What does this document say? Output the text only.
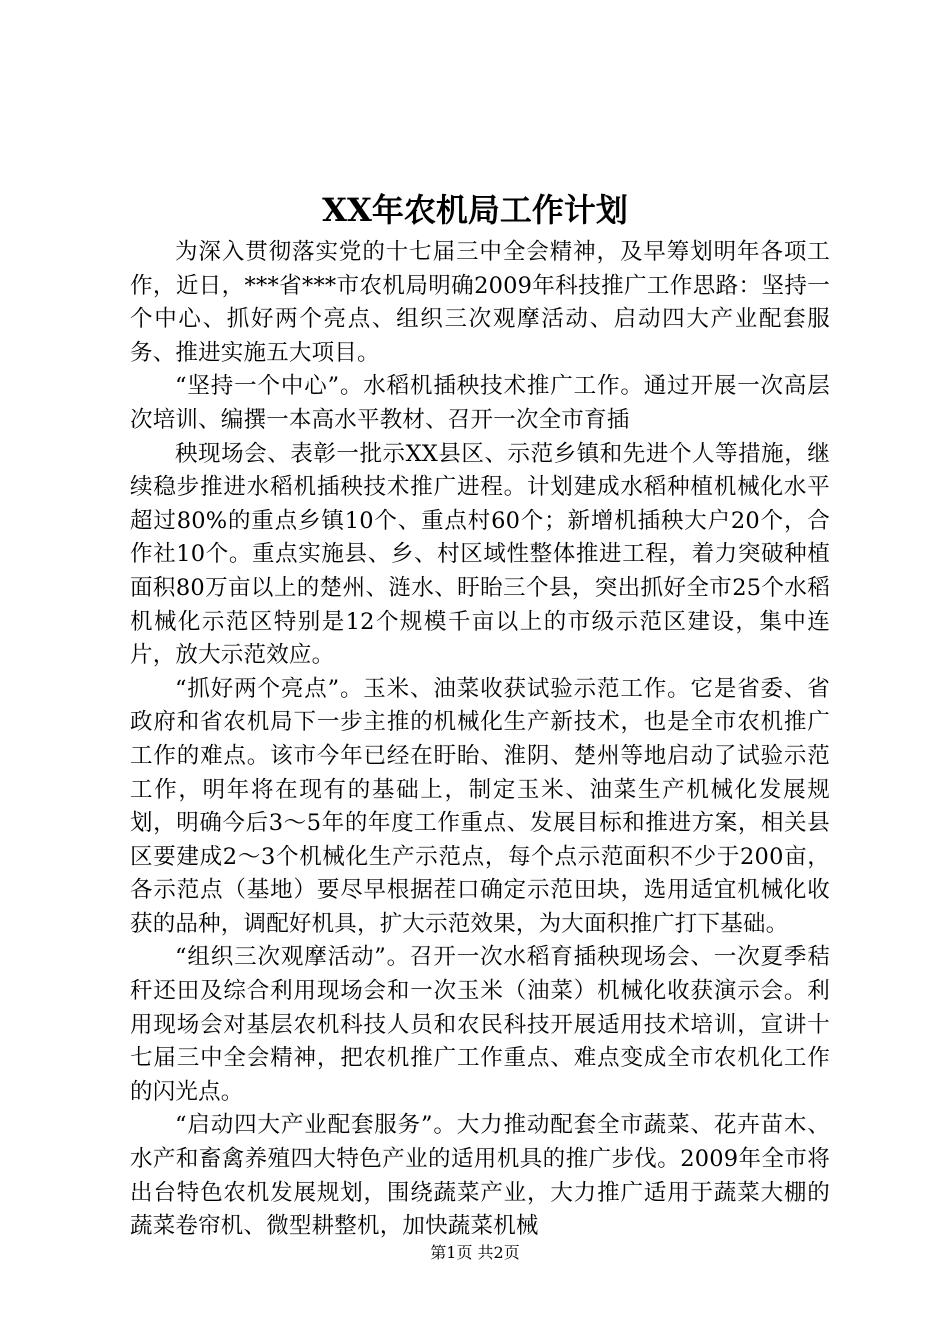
XX年农机局工作计划

为深入贯彻落实党的十七届三中全会精神，及早筹划明年各项工作，近日，***省***市农机局明确2009年科技推广工作思路：坚持一个中心、抓好两个亮点、组织三次观摩活动、启动四大产业配套服务、推进实施五大项目。

“坚持一个中心”。水稻机插秧技术推广工作。通过开展一次高层次培训、编撰一本高水平教材、召开一次全市育插

秧现场会、表彰一批示XX县区、示范乡镇和先进个人等措施，继续稳步推进水稻机插秧技术推广进程。计划建成水稻种植机械化水平超过80%的重点乡镇10个、重点村60个；新增机插秧大户20个，合作社10个。重点实施县、乡、村区域性整体推进工程，着力突破种植面积80万亩以上的楚州、涟水、盱眙三个县，突出抓好全市25个水稻机械化示范区特别是12个规模千亩以上的市级示范区建设，集中连片，放大示范效应。

“抓好两个亮点”。玉米、油菜收获试验示范工作。它是省委、省政府和省农机局下一步主推的机械化生产新技术，也是全市农机推广工作的难点。该市今年已经在盱眙、淮阴、楚州等地启动了试验示范工作，明年将在现有的基础上，制定玉米、油菜生产机械化发展规划，明确今后3～5年的年度工作重点、发展目标和推进方案，相关县区要建成2～3个机械化生产示范点，每个点示范面积不少于200亩，各示范点（基地）要尽早根据茬口确定示范田块，选用适宜机械化收获的品种，调配好机具，扩大示范效果，为大面积推广打下基础。

“组织三次观摩活动”。召开一次水稻育插秧现场会、一次夏季秸秆还田及综合利用现场会和一次玉米（油菜）机械化收获演示会。利用现场会对基层农机科技人员和农民科技开展适用技术培训，宣讲十七届三中全会精神，把农机推广工作重点、难点变成全市农机化工作的闪光点。

“启动四大产业配套服务”。大力推动配套全市蔬菜、花卉苗木、水产和畜禽养殖四大特色产业的适用机具的推广步伐。2009年全市将出台特色农机发展规划，围绕蔬菜产业，大力推广适用于蔬菜大棚的蔬菜卷帘机、微型耕整机，加快蔬菜机械

第1页 共2页
